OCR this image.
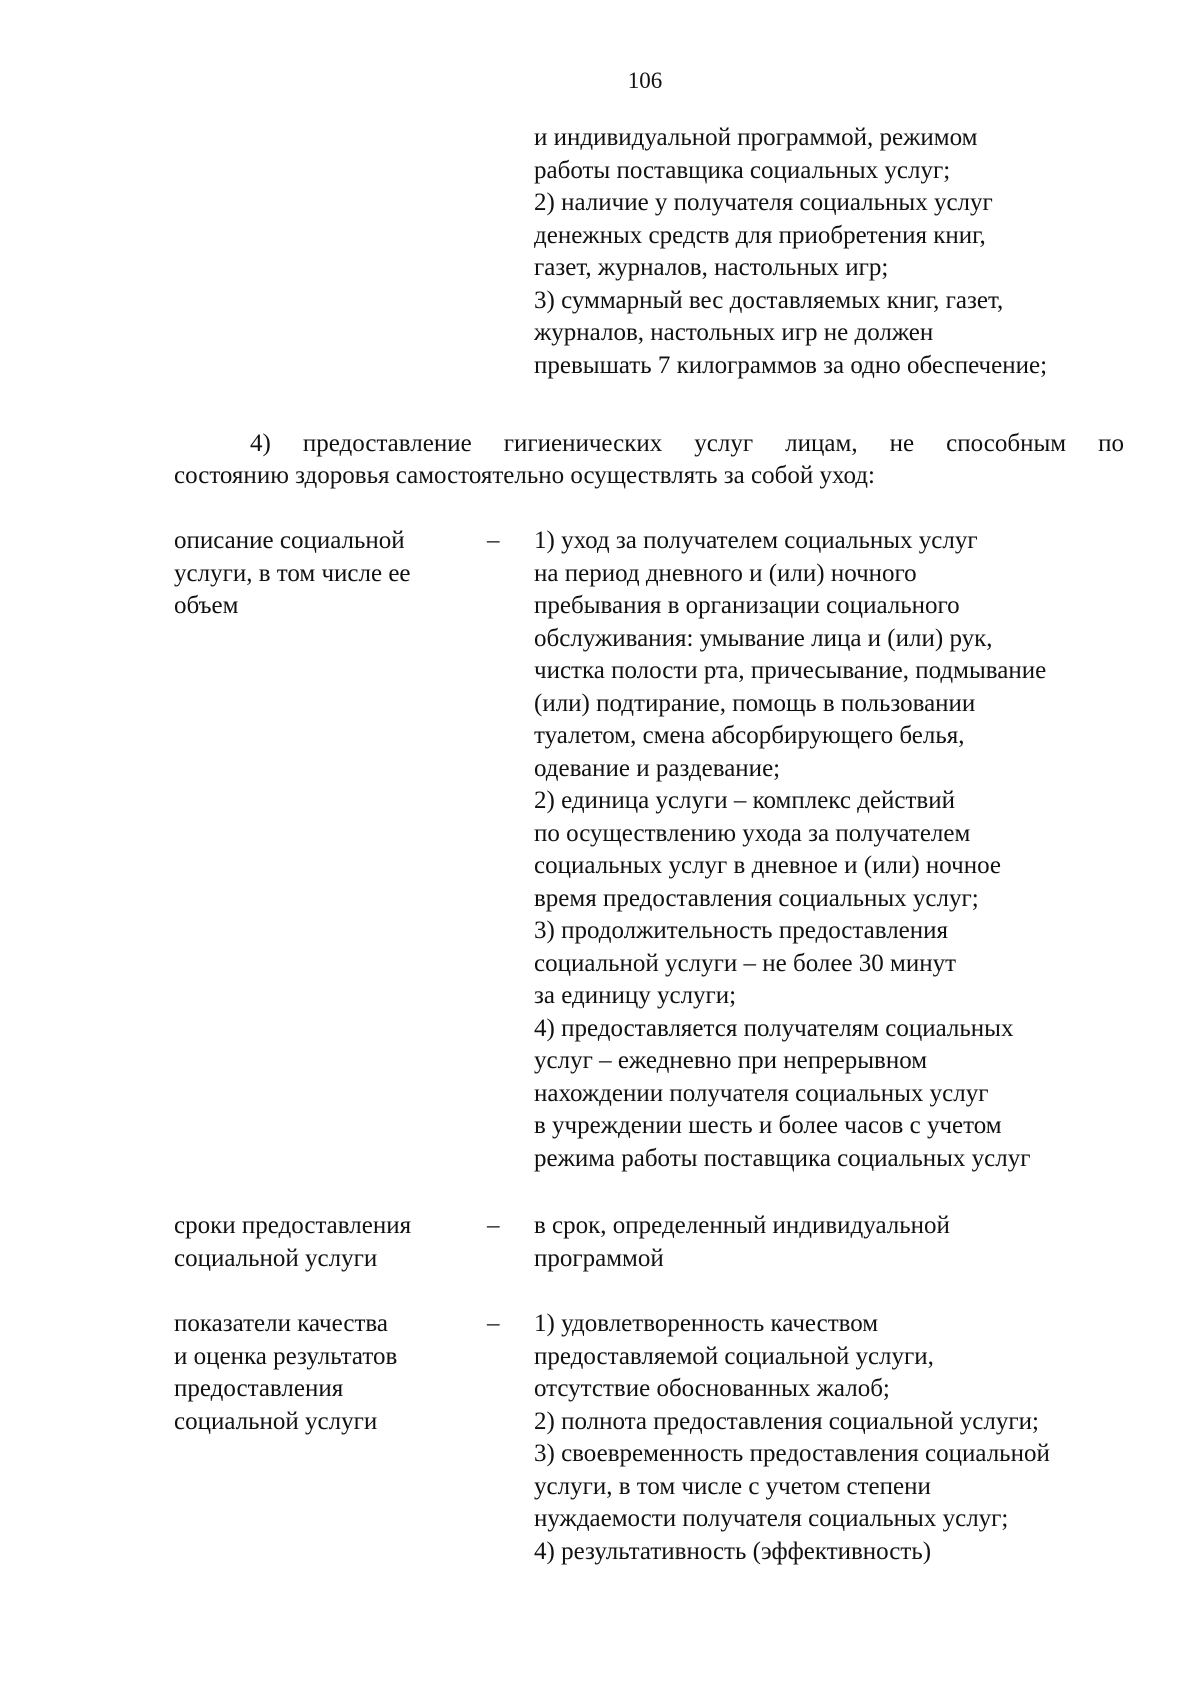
106
и индивидуальной программой, режимом
работы поставщика социальных услуг;
2) наличие у получателя социальных услуг
денежных средств для приобретения книг,
газет, журналов, настольных игр;
3) суммарный вес доставляемых книг, газет,
журналов, настольных игр не должен
превышать 7 килограммов за одно обеспечение;
4) предоставление гигиенических услуг лицам, не способным по
состоянию здоровья самостоятельно осуществлять за собой уход:
описание социальной
услуги, в том числе ее
объем
– 1) уход за получателем социальных услуг
на период дневного и (или) ночного
пребывания в организации социального
обслуживания: умывание лица и (или) рук,
чистка полости рта, причесывание, подмывание
(или) подтирание, помощь в пользовании
туалетом, смена абсорбирующего белья,
одевание и раздевание;
2) единица услуги – комплекс действий
по осуществлению ухода за получателем
социальных услуг в дневное и (или) ночное
время предоставления социальных услуг;
3) продолжительность предоставления
социальной услуги – не более 30 минут
за единицу услуги;
4) предоставляется получателям социальных
услуг – ежедневно при непрерывном
нахождении получателя социальных услуг
в учреждении шесть и более часов с учетом
режима работы поставщика социальных услуг
сроки предоставления
социальной услуги
– в срок, определенный индивидуальной
программой
показатели качества
и оценка результатов
предоставления
социальной услуги
– 1) удовлетворенность качеством
предоставляемой социальной услуги,
отсутствие обоснованных жалоб;
2) полнота предоставления социальной услуги;
3) своевременность предоставления социальной
услуги, в том числе с учетом степени
нуждаемости получателя социальных услуг;
4) результативность (эффективность)
